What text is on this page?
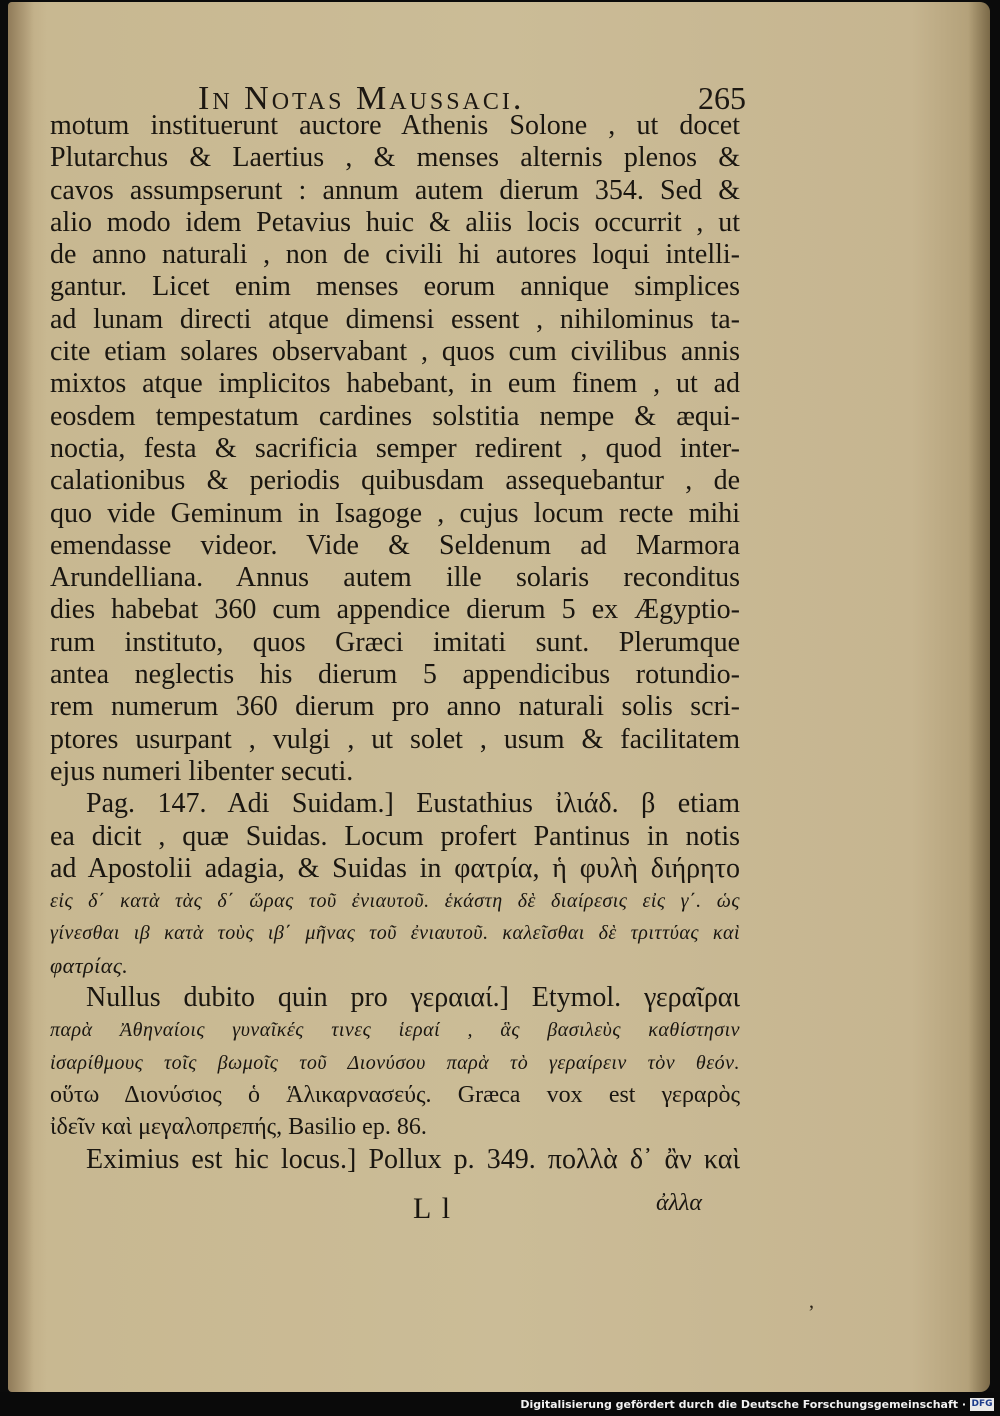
In Notas Maussaci.	265
motum instituerunt auctore Athenis Solone , ut docet
Plutarchus & Laertius , & menses alternis plenos &
cavos assumpserunt : annum autem dierum 354. Sed &
alio modo idem Petavius huic & aliis locis occurrit , ut
de anno naturali , non de civili hi autores loqui intelli-
gantur. Licet enim menses eorum annique simplices
ad lunam directi atque dimensi essent , nihilominus ta-
cite etiam solares observabant , quos cum civilibus annis
mixtos atque implicitos habebant, in eum finem , ut ad
eosdem tempestatum cardines solstitia nempe & æqui-
noctia, festa & sacrificia semper redirent , quod inter-
calationibus & periodis quibusdam assequebantur , de
quo vide Geminum in Isagoge , cujus locum recte mihi
emendasse videor. Vide & Seldenum ad Marmora
Arundelliana. Annus autem ille solaris reconditus
dies habebat 360 cum appendice dierum 5 ex Ægyptio-
rum instituto, quos Græci imitati sunt. Plerumque
antea neglectis his dierum 5 appendicibus rotundio-
rem numerum 360 dierum pro anno naturali solis scri-
ptores usurpant , vulgi , ut solet , usum & facilitatem
ejus numeri libenter secuti.
Pag. 147. Adi Suidam.] Eustathius ἰλιάδ. β etiam
ea dicit , quæ Suidas. Locum profert Pantinus in notis
ad Apostolii adagia, & Suidas in φατρία, ἡ φυλὴ διήρητο
εἰς δ΄ κατὰ τὰς δ΄ ὥρας τοῦ ἐνιαυτοῦ. ἑκάστη δὲ διαίρεσις εἰς γ΄. ὡς
γίνεσθαι ιβ κατὰ τοὺς ιβ΄ μῆνας τοῦ ἐνιαυτοῦ. καλεῖσθαι δὲ τριττύας καὶ
φατρίας.
Nullus dubito quin pro γεραιαί.] Etymol. γεραῖραι
παρὰ Ἀθηναίοις γυναῖκές τινες ἱεραί , ἃς βασιλεὺς καθίστησιν
ἰσαρίθμους τοῖς βωμοῖς τοῦ Διονύσου παρὰ τὸ γεραίρειν τὸν θεόν.
οὕτω Διονύσιος ὁ Ἁλικαρνασεύς. Græca vox est γεραρὸς
ἰδεῖν καὶ μεγαλοπρεπής, Basilio ep. 86.
Eximius est hic locus.] Pollux p. 349. πολλὰ δ᾽ ἂν καὶ
L l	ἀλλα
ʼ
Digitalisierung gefördert durch die Deutsche Forschungsgemeinschaft · DFG
